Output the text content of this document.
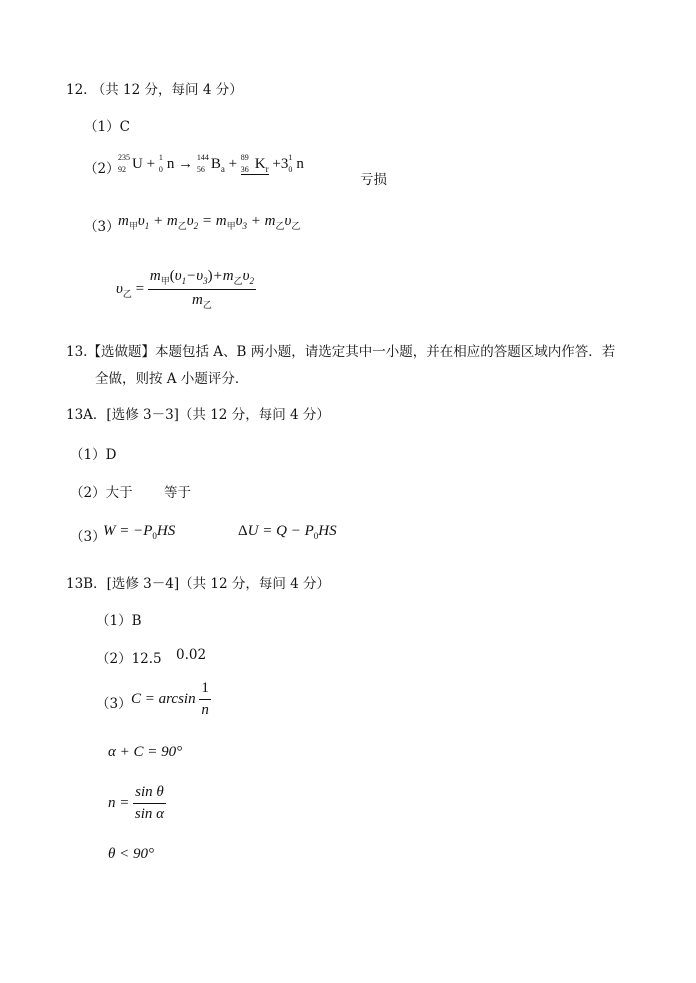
12. （共 12 分，每问 4 分）
（1）C
（2）
235
92 U + 1
0 n → 144
56 $B_a + 89$
36 $K_r +3$ 1
0 n
亏损
（3）
$m_甲\upsilon_1 + m_乙\upsilon_2 = m_甲\upsilon_3 + m_乙\upsilon_乙$
$\upsilon_乙 = \frac{m_甲(\upsilon_1-\upsilon_3)+m_乙\upsilon_2}{m_乙}$
13.【选做题】本题包括 A、B 两小题，请选定其中一小题，并在相应的答题区域内作答．若
全做，则按 A 小题评分．
13A．[选修 3－3]（共 12 分，每问 4 分）
（1）D
（2）大于 等于
（3）
$W = -P_0HS$	$\Delta U = Q - P_0HS$
13B．[选修 3－4]（共 12 分，每问 4 分）
（1）B
（2）12.5 0.02
（3） $C = \arcsin \frac{1}{n}$
α + C = 90°
$n = \frac{\text{sin θ}}{\text{sin α}}$
θ < 90°
